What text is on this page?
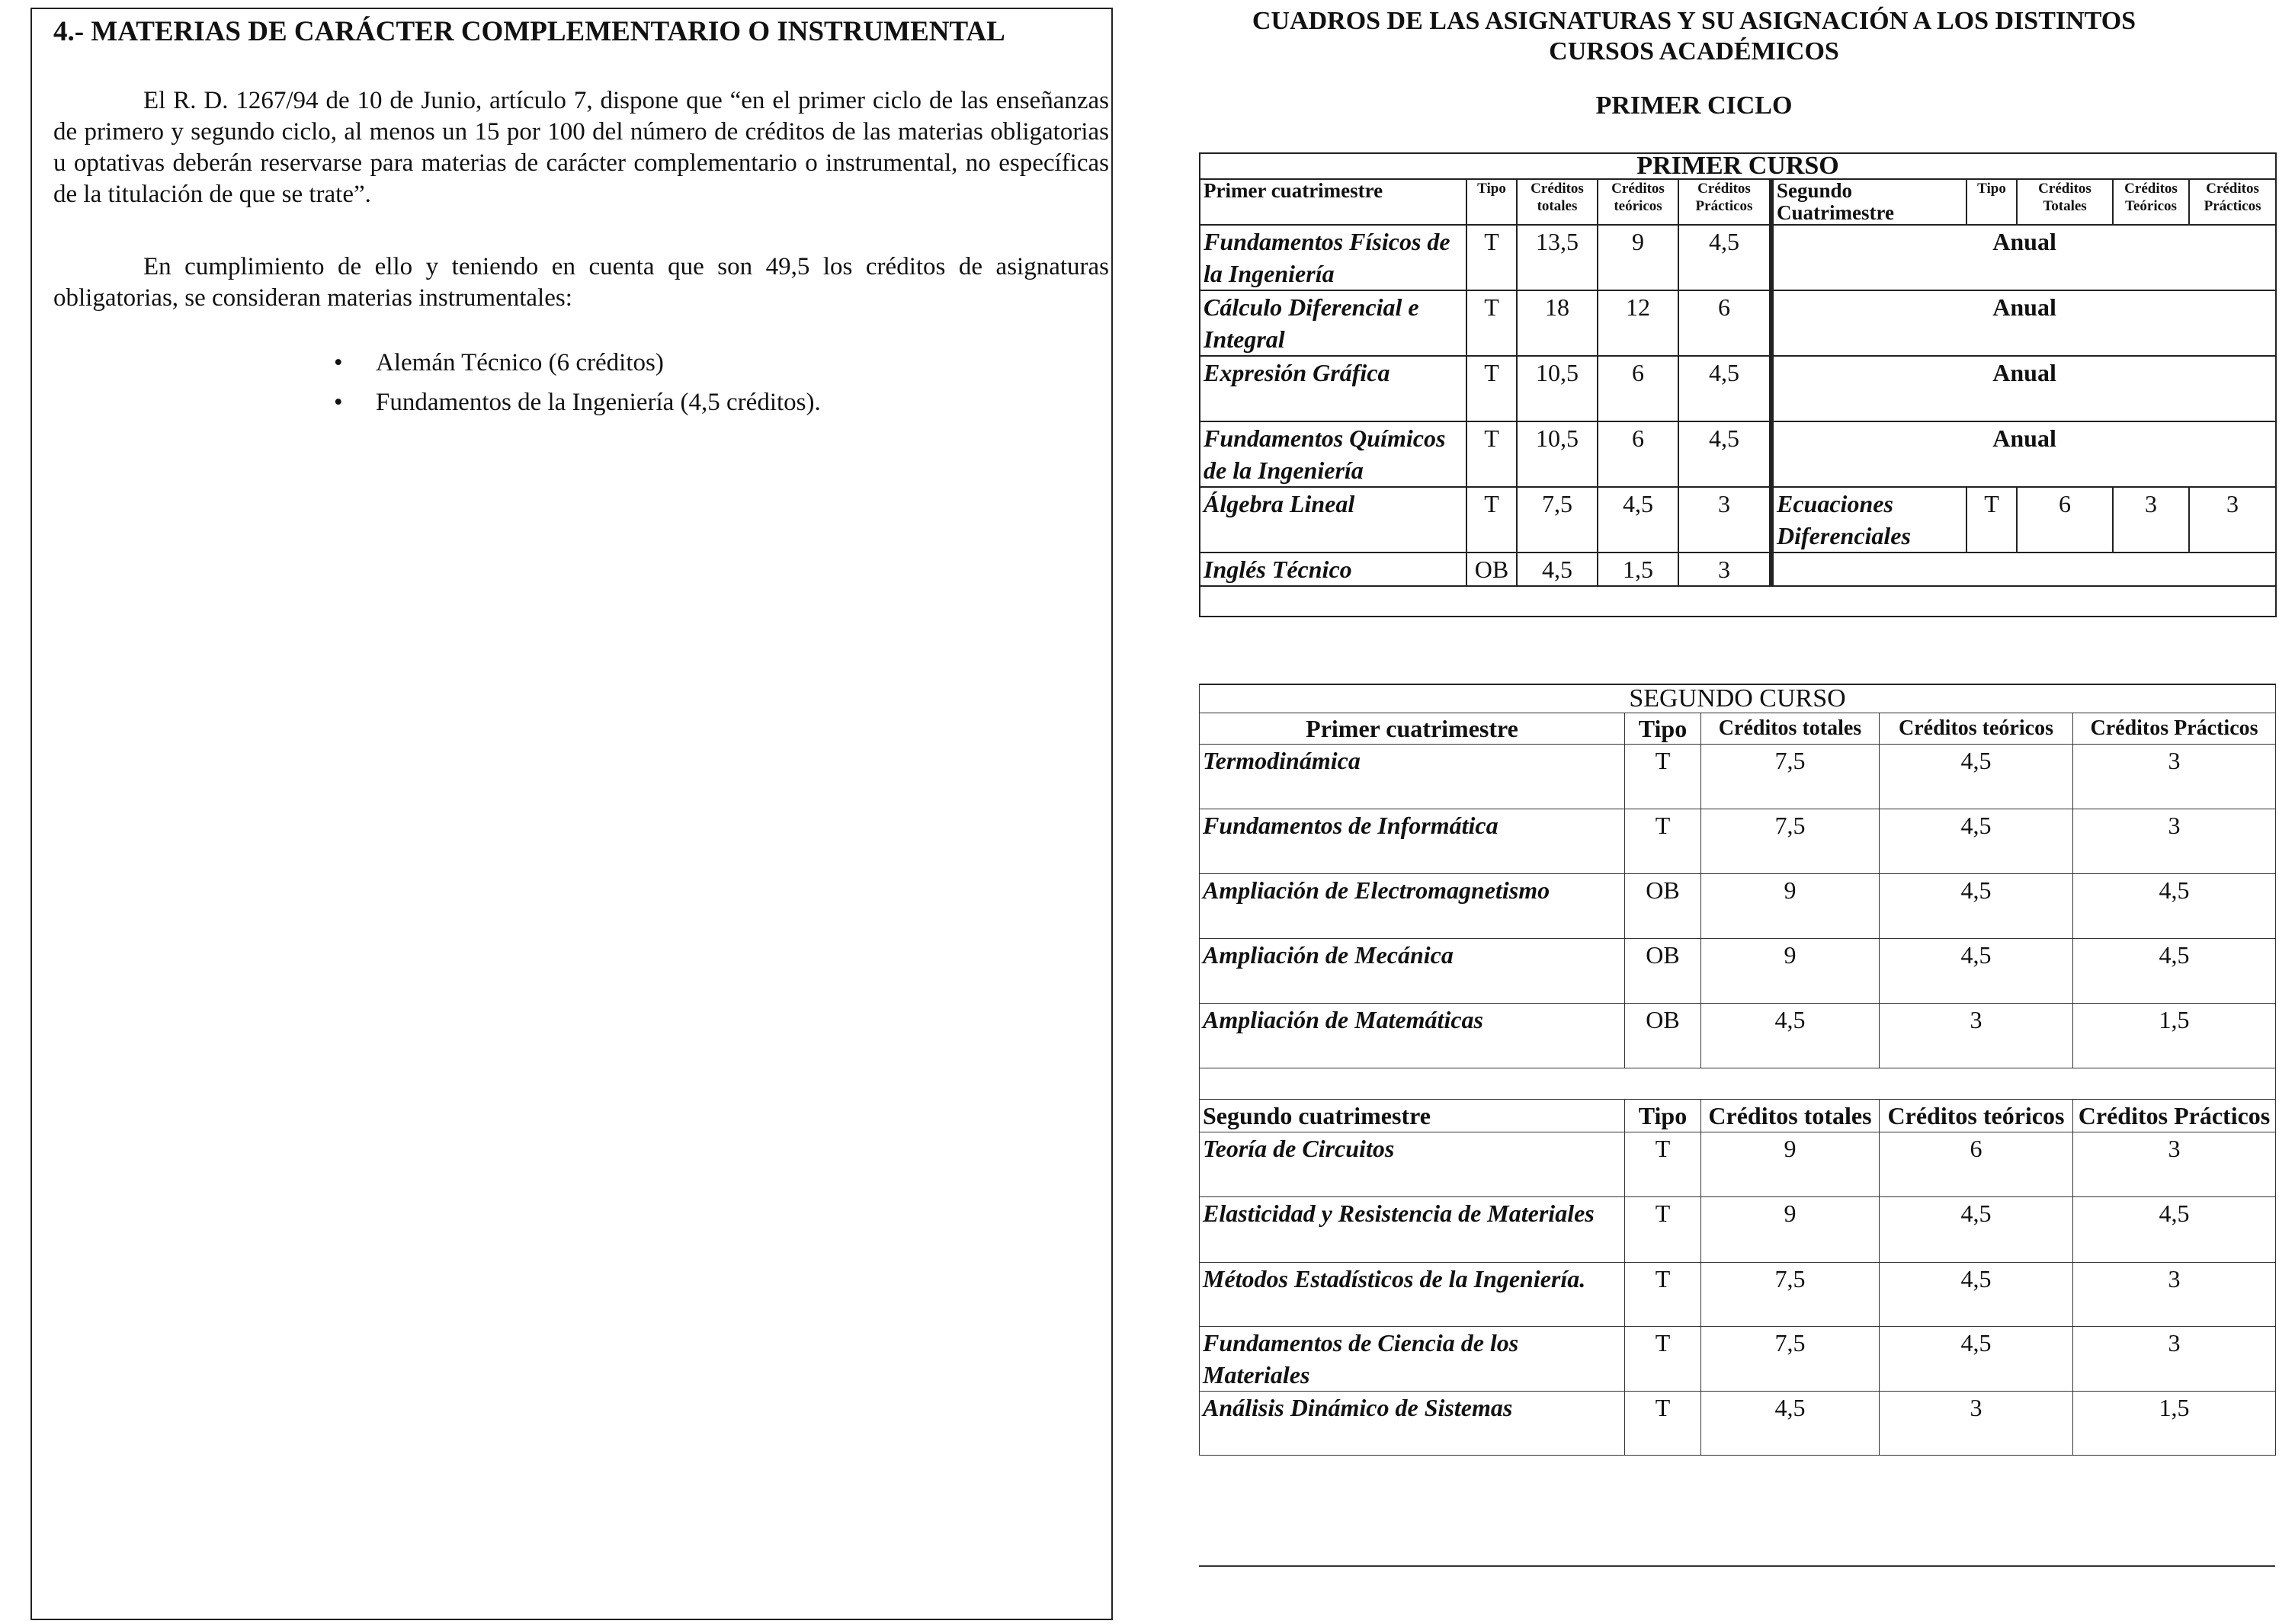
4.- MATERIAS DE CARÁCTER COMPLEMENTARIO O INSTRUMENTAL

El R. D. 1267/94 de 10 de Junio, artículo 7, dispone que “en el primer ciclo de las enseñanzas de primero y segundo ciclo, al menos un 15 por 100 del número de créditos de las materias obligatorias u optativas deberán reservarse para materias de carácter complementario o instrumental, no específicas de la titulación de que se trate”.

En cumplimiento de ello y teniendo en cuenta que son 49,5 los créditos de asignaturas obligatorias, se consideran materias instrumentales:

• Alemán Técnico (6 créditos)
• Fundamentos de la Ingeniería (4,5 créditos).
CUADROS DE LAS ASIGNATURAS Y SU ASIGNACIÓN A LOS DISTINTOS CURSOS ACADÉMICOS
PRIMER CICLO
PRIMER CURSO									
Primer cuatrimestre	Tipo	Créditos totales	Créditos teóricos	Créditos Prácticos	Segundo Cuatrimestre	Tipo	Créditos Totales	Créditos Teóricos	Créditos Prácticos
Fundamentos Físicos de la Ingeniería	T	13,5	9	4,5	Anual				
Cálculo Diferencial e Integral	T	18	12	6	Anual				
Expresión Gráfica	T	10,5	6	4,5	Anual				
Fundamentos Químicos de la Ingeniería	T	10,5	6	4,5	Anual				
Álgebra Lineal	T	7,5	4,5	3	Ecuaciones Diferenciales	T	6	3	3
Inglés Técnico	OB	4,5	1,5	3					

SEGUNDO CURSO				
Primer cuatrimestre	Tipo	Créditos totales	Créditos teóricos	Créditos Prácticos
Termodinámica	T	7,5	4,5	3
Fundamentos de Informática	T	7,5	4,5	3
Ampliación de Electromagnetismo	OB	9	4,5	4,5
Ampliación de Mecánica	OB	9	4,5	4,5
Ampliación de Matemáticas	OB	4,5	3	1,5

Segundo cuatrimestre	Tipo	Créditos totales	Créditos teóricos	Créditos Prácticos
Teoría de Circuitos	T	9	6	3
Elasticidad y Resistencia de Materiales	T	9	4,5	4,5
Métodos Estadísticos de la Ingeniería.	T	7,5	4,5	3
Fundamentos de Ciencia de los Materiales	T	7,5	4,5	3
Análisis Dinámico de Sistemas	T	4,5	3	1,5
